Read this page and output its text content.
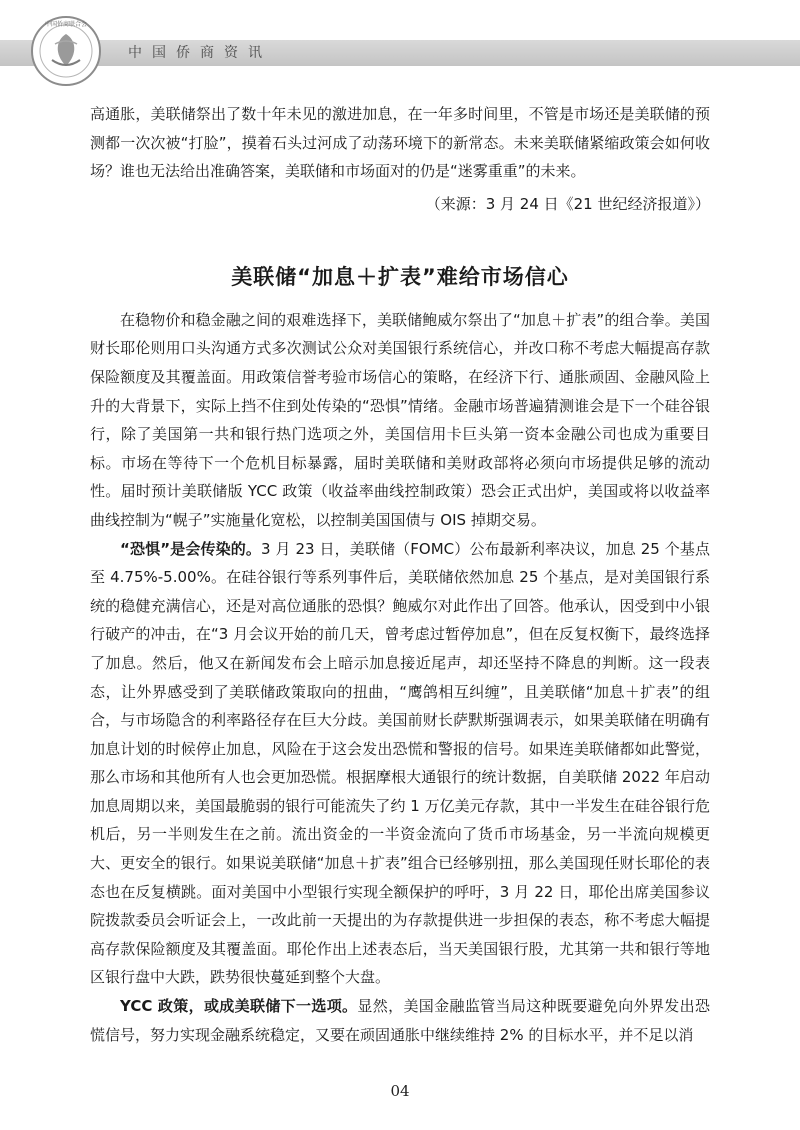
中国侨商联合会
中国侨商资讯

高通胀，美联储祭出了数十年未见的激进加息，在一年多时间里，不管是市场还是美联储的预测都一次次被“打脸”，摸着石头过河成了动荡环境下的新常态。未来美联储紧缩政策会如何收场？谁也无法给出准确答案，美联储和市场面对的仍是“迷雾重重”的未来。

（来源：3 月 24 日《21 世纪经济报道》）
美联储“加息＋扩表”难给市场信心

在稳物价和稳金融之间的艰难选择下，美联储鲍威尔祭出了“加息＋扩表”的组合拳。美国财长耶伦则用口头沟通方式多次测试公众对美国银行系统信心，并改口称不考虑大幅提高存款保险额度及其覆盖面。用政策信誉考验市场信心的策略，在经济下行、通胀顽固、金融风险上升的大背景下，实际上挡不住到处传染的“恐惧”情绪。金融市场普遍猜测谁会是下一个硅谷银行，除了美国第一共和银行热门选项之外，美国信用卡巨头第一资本金融公司也成为重要目标。市场在等待下一个危机目标暴露，届时美联储和美财政部将必须向市场提供足够的流动性。届时预计美联储版 YCC 政策（收益率曲线控制政策）恐会正式出炉，美国或将以收益率曲线控制为“幌子”实施量化宽松，以控制美国国债与 OIS 掉期交易。

“恐惧”是会传染的。3 月 23 日，美联储（FOMC）公布最新利率决议，加息 25 个基点至 4.75%-5.00%。在硅谷银行等系列事件后，美联储依然加息 25 个基点，是对美国银行系统的稳健充满信心，还是对高位通胀的恐惧？鲍威尔对此作出了回答。他承认，因受到中小银行破产的冲击，在“3 月会议开始的前几天，曾考虑过暂停加息”，但在反复权衡下，最终选择了加息。然后，他又在新闻发布会上暗示加息接近尾声，却还坚持不降息的判断。这一段表态，让外界感受到了美联储政策取向的扭曲，“鹰鸽相互纠缠”，且美联储“加息＋扩表”的组合，与市场隐含的利率路径存在巨大分歧。美国前财长萨默斯强调表示，如果美联储在明确有加息计划的时候停止加息，风险在于这会发出恐慌和警报的信号。如果连美联储都如此警觉，那么市场和其他所有人也会更加恐慌。根据摩根大通银行的统计数据，自美联储 2022 年启动加息周期以来，美国最脆弱的银行可能流失了约 1 万亿美元存款，其中一半发生在硅谷银行危机后，另一半则发生在之前。流出资金的一半资金流向了货币市场基金，另一半流向规模更大、更安全的银行。如果说美联储“加息＋扩表”组合已经够别扭，那么美国现任财长耶伦的表态也在反复横跳。面对美国中小型银行实现全额保护的呼吁，3 月 22 日，耶伦出席美国参议院拨款委员会听证会上，一改此前一天提出的为存款提供进一步担保的表态，称不考虑大幅提高存款保险额度及其覆盖面。耶伦作出上述表态后，当天美国银行股，尤其第一共和银行等地区银行盘中大跌，跌势很快蔓延到整个大盘。

YCC 政策，或成美联储下一选项。显然，美国金融监管当局这种既要避免向外界发出恐慌信号，努力实现金融系统稳定，又要在顽固通胀中继续维持 2% 的目标水平，并不足以消

04
